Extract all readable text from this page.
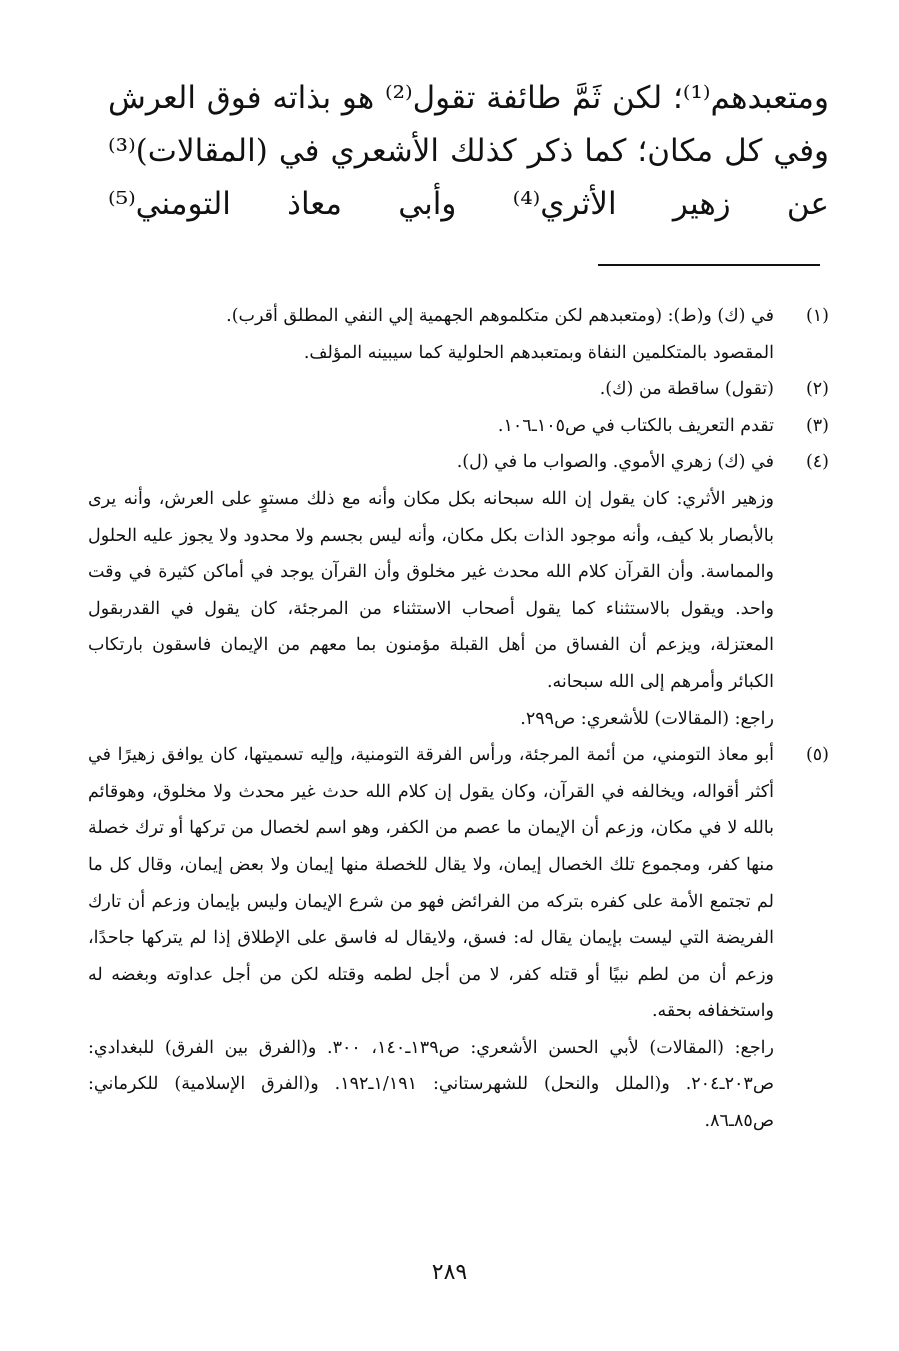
ومتعبدهم⁽¹⁾؛ لكن ثَمَّ طائفة تقول⁽²⁾ هو بذاته فوق العرش

وفي كل مكان؛ كما ذكر كذلك الأشعري في (المقالات)⁽³⁾

عن زهير الأثري⁽⁴⁾ وأبي معاذ التومني⁽⁵⁾

(١)

في (ك) و(ط): (ومتعبدهم لكن متكلموهم الجهمية إلي النفي المطلق أقرب).

المقصود بالمتكلمين النفاة وبمتعبدهم الحلولية كما سيبينه المؤلف.

(٢)

(تقول) ساقطة من (ك).

(٣)

تقدم التعريف بالكتاب في ص١٠٥ـ١٠٦.

(٤)

في (ك) زهري الأموي. والصواب ما في (ل).

وزهير الأثري: كان يقول إن الله سبحانه بكل مكان وأنه مع ذلك مستوٍ على العرش، وأنه يرى بالأبصار بلا كيف، وأنه موجود الذات بكل مكان، وأنه ليس بجسم ولا محدود ولا يجوز عليه الحلول والمماسة. وأن القرآن كلام الله محدث غير مخلوق وأن القرآن يوجد في أماكن كثيرة في وقت واحد. ويقول بالاستثناء كما يقول أصحاب الاستثناء من المرجئة، كان يقول في القدربقول المعتزلة، ويزعم أن الفساق من أهل القبلة مؤمنون بما معهم من الإيمان فاسقون بارتكاب الكبائر وأمرهم إلى الله سبحانه.

راجع: (المقالات) للأشعري: ص٢٩٩.

(٥)

أبو معاذ التومني، من أئمة المرجئة، ورأس الفرقة التومنية، وإليه تسميتها، كان يوافق زهيرًا في أكثر أقواله، ويخالفه في القرآن، وكان يقول إن كلام الله حدث غير محدث ولا مخلوق، وهوقائم بالله لا في مكان، وزعم أن الإيمان ما عصم من الكفر، وهو اسم لخصال من تركها أو ترك خصلة منها كفر، ومجموع تلك الخصال إيمان، ولا يقال للخصلة منها إيمان ولا بعض إيمان، وقال كل ما لم تجتمع الأمة على كفره بتركه من الفرائض فهو من شرع الإيمان وليس بإيمان وزعم أن تارك الفريضة التي ليست بإيمان يقال له: فسق، ولايقال له فاسق على الإطلاق إذا لم يتركها جاحدًا، وزعم أن من لطم نبيًا أو قتله كفر، لا من أجل لطمه وقتله لكن من أجل عداوته وبغضه له واستخفافه بحقه.

راجع: (المقالات) لأبي الحسن الأشعري: ص١٣٩ـ١٤٠، ٣٠٠. و(الفرق بين الفرق) للبغدادي: ص٢٠٣ـ٢٠٤. و(الملل والنحل) للشهرستاني: ١/١٩١ـ١٩٢. و(الفرق الإسلامية) للكرماني: ص٨٥ـ٨٦.

٢٨٩
